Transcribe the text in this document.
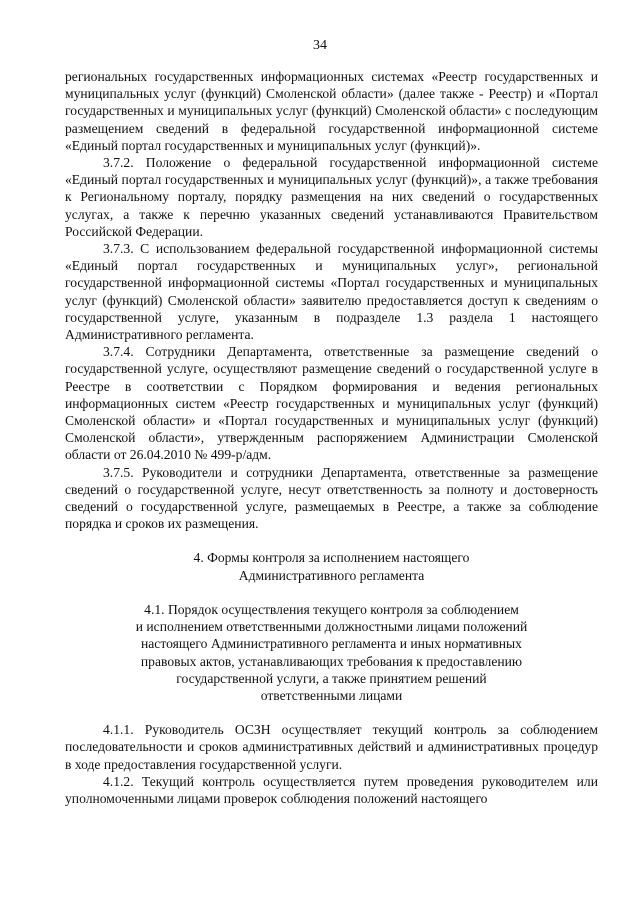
34

региональных государственных информационных системах «Реестр государственных и муниципальных услуг (функций) Смоленской области» (далее также - Реестр) и «Портал государственных и муниципальных услуг (функций) Смоленской области» с последующим размещением сведений в федеральной государственной информационной системе «Единый портал государственных и муниципальных услуг (функций)».

3.7.2. Положение о федеральной государственной информационной системе «Единый портал государственных и муниципальных услуг (функций)», а также требования к Региональному порталу, порядку размещения на них сведений о государственных услугах, а также к перечню указанных сведений устанавливаются Правительством Российской Федерации.

3.7.3. С использованием федеральной государственной информационной системы «Единый портал государственных и муниципальных услуг», региональной государственной информационной системы «Портал государственных и муниципальных услуг (функций) Смоленской области» заявителю предоставляется доступ к сведениям о государственной услуге, указанным в подразделе 1.3 раздела 1 настоящего Административного регламента.

3.7.4. Сотрудники Департамента, ответственные за размещение сведений о государственной услуге, осуществляют размещение сведений о государственной услуге в Реестре в соответствии с Порядком формирования и ведения региональных информационных систем «Реестр государственных и муниципальных услуг (функций) Смоленской области» и «Портал государственных и муниципальных услуг (функций) Смоленской области», утвержденным распоряжением Администрации Смоленской области от 26.04.2010 № 499-р/адм.

3.7.5. Руководители и сотрудники Департамента, ответственные за размещение сведений о государственной услуге, несут ответственность за полноту и достоверность сведений о государственной услуге, размещаемых в Реестре, а также за соблюдение порядка и сроков их размещения.

4. Формы контроля за исполнением настоящего

Административного регламента

4.1. Порядок осуществления текущего контроля за соблюдением

и исполнением ответственными должностными лицами положений

настоящего Административного регламента и иных нормативных

правовых актов, устанавливающих требования к предоставлению

государственной услуги, а также принятием решений

ответственными лицами

4.1.1. Руководитель ОСЗН осуществляет текущий контроль за соблюдением последовательности и сроков административных действий и административных процедур в ходе предоставления государственной услуги.

4.1.2. Текущий контроль осуществляется путем проведения руководителем или уполномоченными лицами проверок соблюдения положений настоящего
